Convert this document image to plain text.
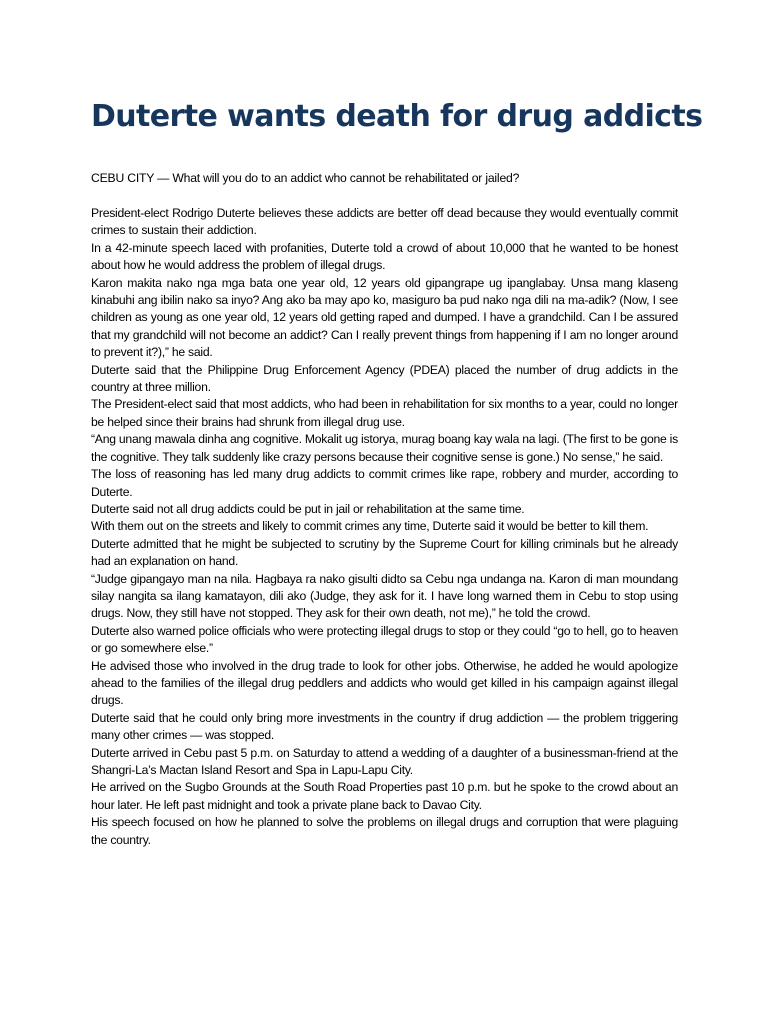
Duterte wants death for drug addicts

CEBU CITY — What will you do to an addict who cannot be rehabilitated or jailed?

President-elect Rodrigo Duterte believes these addicts are better off dead because they would eventually commit crimes to sustain their addiction.

In a 42-minute speech laced with profanities, Duterte told a crowd of about 10,000 that he wanted to be honest about how he would address the problem of illegal drugs.

Karon makita nako nga mga bata one year old, 12 years old gipangrape ug ipanglabay. Unsa mang klaseng kinabuhi ang ibilin nako sa inyo? Ang ako ba may apo ko, masiguro ba pud nako nga dili na ma-adik? (Now, I see children as young as one year old, 12 years old getting raped and dumped. I have a grandchild. Can I be assured that my grandchild will not become an addict? Can I really prevent things from happening if I am no longer around to prevent it?),” he said.

Duterte said that the Philippine Drug Enforcement Agency (PDEA) placed the number of drug addicts in the country at three million.

The President-elect said that most addicts, who had been in rehabilitation for six months to a year, could no longer be helped since their brains had shrunk from illegal drug use.

“Ang unang mawala dinha ang cognitive. Mokalit ug istorya, murag boang kay wala na lagi. (The first to be gone is the cognitive. They talk suddenly like crazy persons because their cognitive sense is gone.) No sense,” he said.

The loss of reasoning has led many drug addicts to commit crimes like rape, robbery and murder, according to Duterte.

Duterte said not all drug addicts could be put in jail or rehabilitation at the same time.

With them out on the streets and likely to commit crimes any time, Duterte said it would be better to kill them.

Duterte admitted that he might be subjected to scrutiny by the Supreme Court for killing criminals but he already had an explanation on hand.

“Judge gipangayo man na nila. Hagbaya ra nako gisulti didto sa Cebu nga undanga na. Karon di man moundang silay nangita sa ilang kamatayon, dili ako (Judge, they ask for it. I have long warned them in Cebu to stop using drugs. Now, they still have not stopped. They ask for their own death, not me),” he told the crowd.

Duterte also warned police officials who were protecting illegal drugs to stop or they could “go to hell, go to heaven or go somewhere else.”

He advised those who involved in the drug trade to look for other jobs. Otherwise, he added he would apologize ahead to the families of the illegal drug peddlers and addicts who would get killed in his campaign against illegal drugs.

Duterte said that he could only bring more investments in the country if drug addiction — the problem triggering many other crimes — was stopped.

Duterte arrived in Cebu past 5 p.m. on Saturday to attend a wedding of a daughter of a businessman-friend at the Shangri-La’s Mactan Island Resort and Spa in Lapu-Lapu City.

He arrived on the Sugbo Grounds at the South Road Properties past 10 p.m. but he spoke to the crowd about an hour later. He left past midnight and took a private plane back to Davao City.

His speech focused on how he planned to solve the problems on illegal drugs and corruption that were plaguing the country.
